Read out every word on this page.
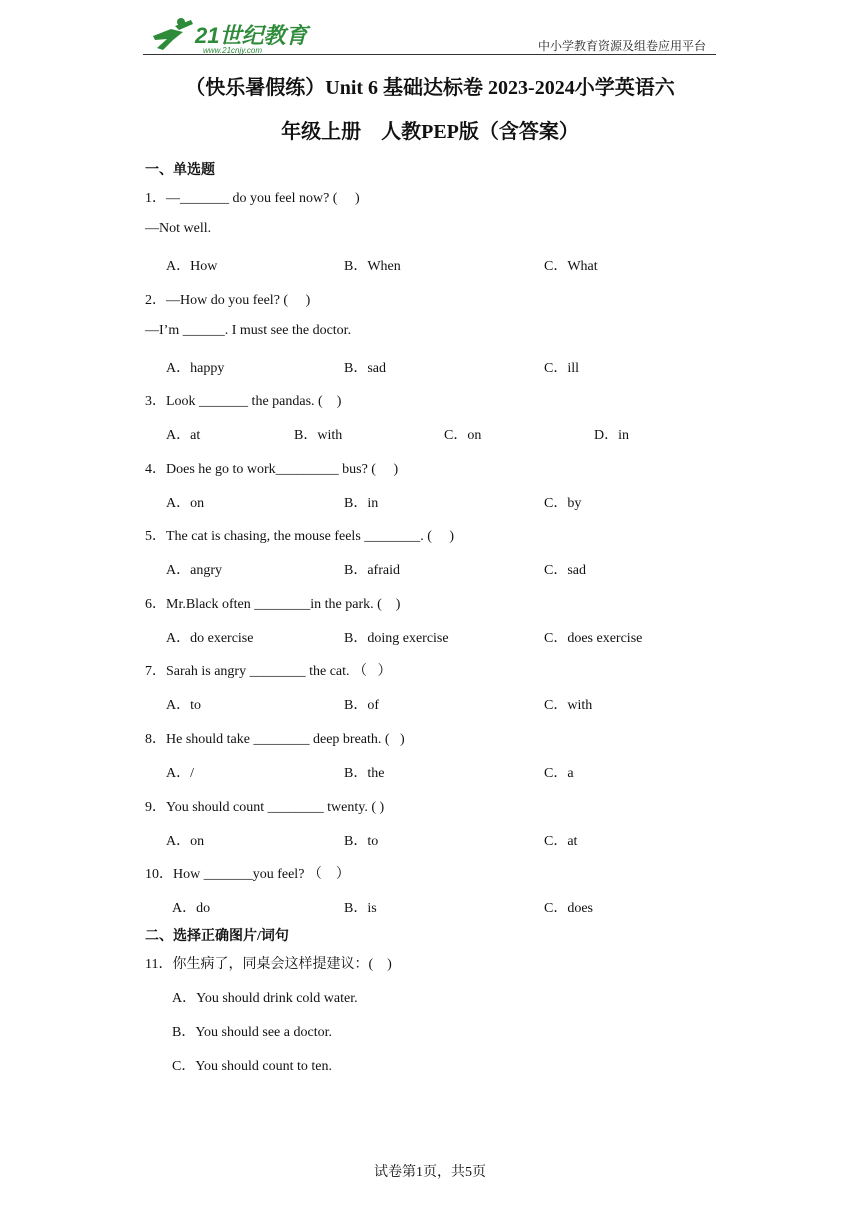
21世纪教育
www.21cnjy.com	中小学教育资源及组卷应用平台
（快乐暑假练）Unit 6 基础达标卷 2023-2024小学英语六
年级上册　人教PEP版（含答案）
一、单选题
1．—_______ do you feel now? (     )
—Not well.
A．How	B．When	C．What
2．—How do you feel? (     )
—I’m ______. I must see the doctor.
A．happy	B．sad	C．ill
3．Look _______ the pandas. (    )
A．at	B．with	C．on	D．in
4．Does he go to work_________ bus? (     )
A．on	B．in	C．by
5．The cat is chasing, the mouse feels ________. (     )
A．angry	B．afraid	C．sad
6．Mr.Black often ________in the park. (    )
A．do exercise	B．doing exercise	C．does exercise
7．Sarah is angry ________ the cat. （   ）
A．to	B．of	C．with
8．He should take ________ deep breath. (   )
A．/	B．the	C．a
9．You should count ________ twenty. ( )
A．on	B．to	C．at
10．How _______you feel? （    ）
A．do	B．is	C．does
二、选择正确图片/词句
11．你生病了，同桌会这样提建议：(    )
A．You should drink cold water.
B．You should see a doctor.
C．You should count to ten.
试卷第1页，共5页
